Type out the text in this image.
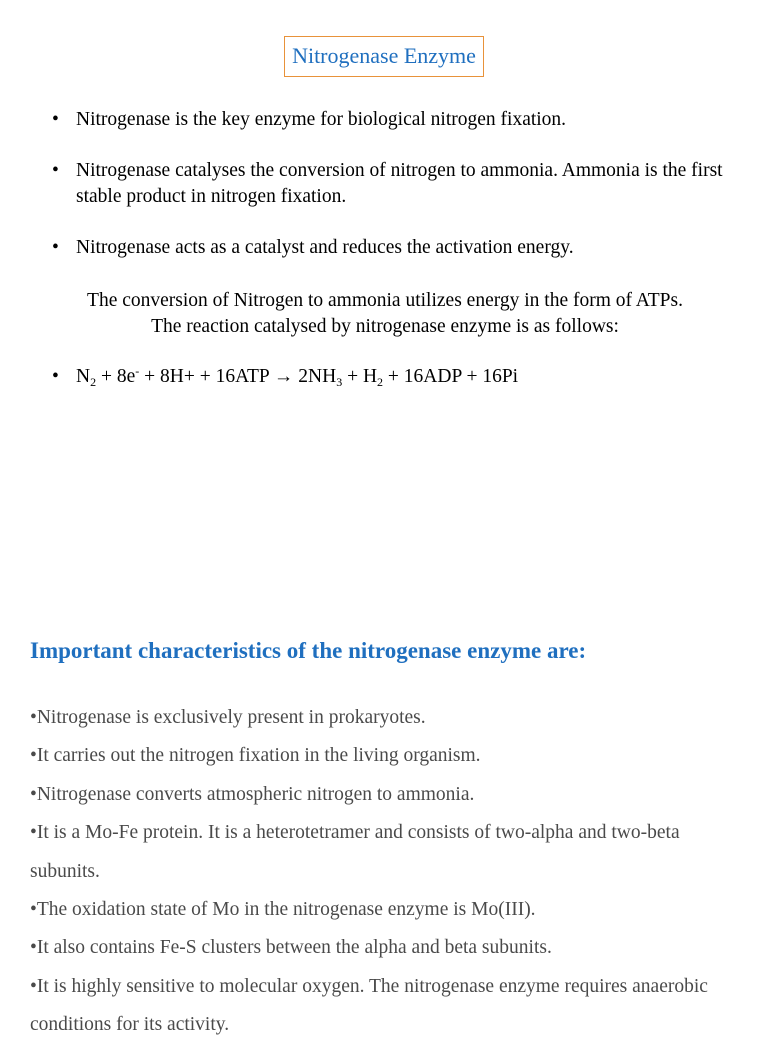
Nitrogenase Enzyme
• Nitrogenase is the key enzyme for biological nitrogen fixation.
• Nitrogenase catalyses the conversion of nitrogen to ammonia. Ammonia is the first stable product in nitrogen fixation.
• Nitrogenase acts as a catalyst and reduces the activation energy.
The conversion of Nitrogen to ammonia utilizes energy in the form of ATPs.
The reaction catalysed by nitrogenase enzyme is as follows:
• $N_2 + 8e^- + 8H+ + 16ATP \to 2NH_3 + H_2 + 16ADP + 16Pi$
Important characteristics of the nitrogenase enzyme are:
•Nitrogenase is exclusively present in prokaryotes.
•It carries out the nitrogen fixation in the living organism.
•Nitrogenase converts atmospheric nitrogen to ammonia.
•It is a Mo-Fe protein. It is a heterotetramer and consists of two-alpha and two-beta subunits.
•The oxidation state of Mo in the nitrogenase enzyme is Mo(III).
•It also contains Fe-S clusters between the alpha and beta subunits.
•It is highly sensitive to molecular oxygen. The nitrogenase enzyme requires anaerobic conditions for its activity.
